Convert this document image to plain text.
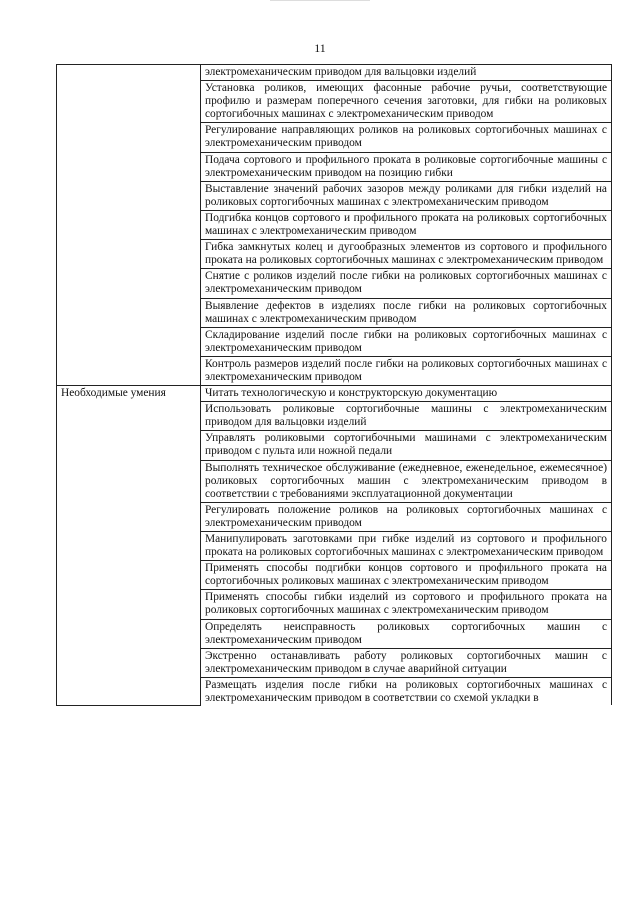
11
	электромеханическим приводом для вальцовки изделий
	Установка роликов, имеющих фасонные рабочие ручьи, соответствующие профилю и размерам поперечного сечения заготовки, для гибки на роликовых сортогибочных машинах с электромеханическим приводом
	Регулирование направляющих роликов на роликовых сортогибочных машинах с электромеханическим приводом
	Подача сортового и профильного проката в роликовые сортогибочные машины с электромеханическим приводом на позицию гибки
	Выставление значений рабочих зазоров между роликами для гибки изделий на роликовых сортогибочных машинах с электромеханическим приводом
	Подгибка концов сортового и профильного проката на роликовых сортогибочных машинах с электромеханическим приводом
	Гибка замкнутых колец и дугообразных элементов из сортового и профильного проката на роликовых сортогибочных машинах с электромеханическим приводом
	Снятие с роликов изделий после гибки на роликовых сортогибочных машинах с электромеханическим приводом
	Выявление дефектов в изделиях после гибки на роликовых сортогибочных машинах с электромеханическим приводом
	Складирование изделий после гибки на роликовых сортогибочных машинах с электромеханическим приводом
	Контроль размеров изделий после гибки на роликовых сортогибочных машинах с электромеханическим приводом
Необходимые умения	Читать технологическую и конструкторскую документацию
	Использовать роликовые сортогибочные машины с электромеханическим приводом для вальцовки изделий
	Управлять роликовыми сортогибочными машинами с электромеханическим приводом с пульта или ножной педали
	Выполнять техническое обслуживание (ежедневное, еженедельное, ежемесячное) роликовых сортогибочных машин с электромеханическим приводом в соответствии с требованиями эксплуатационной документации
	Регулировать положение роликов на роликовых сортогибочных машинах с электромеханическим приводом
	Манипулировать заготовками при гибке изделий из сортового и профильного проката на роликовых сортогибочных машинах с электромеханическим приводом
	Применять способы подгибки концов сортового и профильного проката на сортогибочных роликовых машинах с электромеханическим приводом
	Применять способы гибки изделий из сортового и профильного проката на роликовых сортогибочных машинах с электромеханическим приводом
	Определять неисправность роликовых сортогибочных машин с электромеханическим приводом
	Экстренно останавливать работу роликовых сортогибочных машин с электромеханическим приводом в случае аварийной ситуации
	Размещать изделия после гибки на роликовых сортогибочных машинах с электромеханическим приводом в соответствии со схемой укладки в
